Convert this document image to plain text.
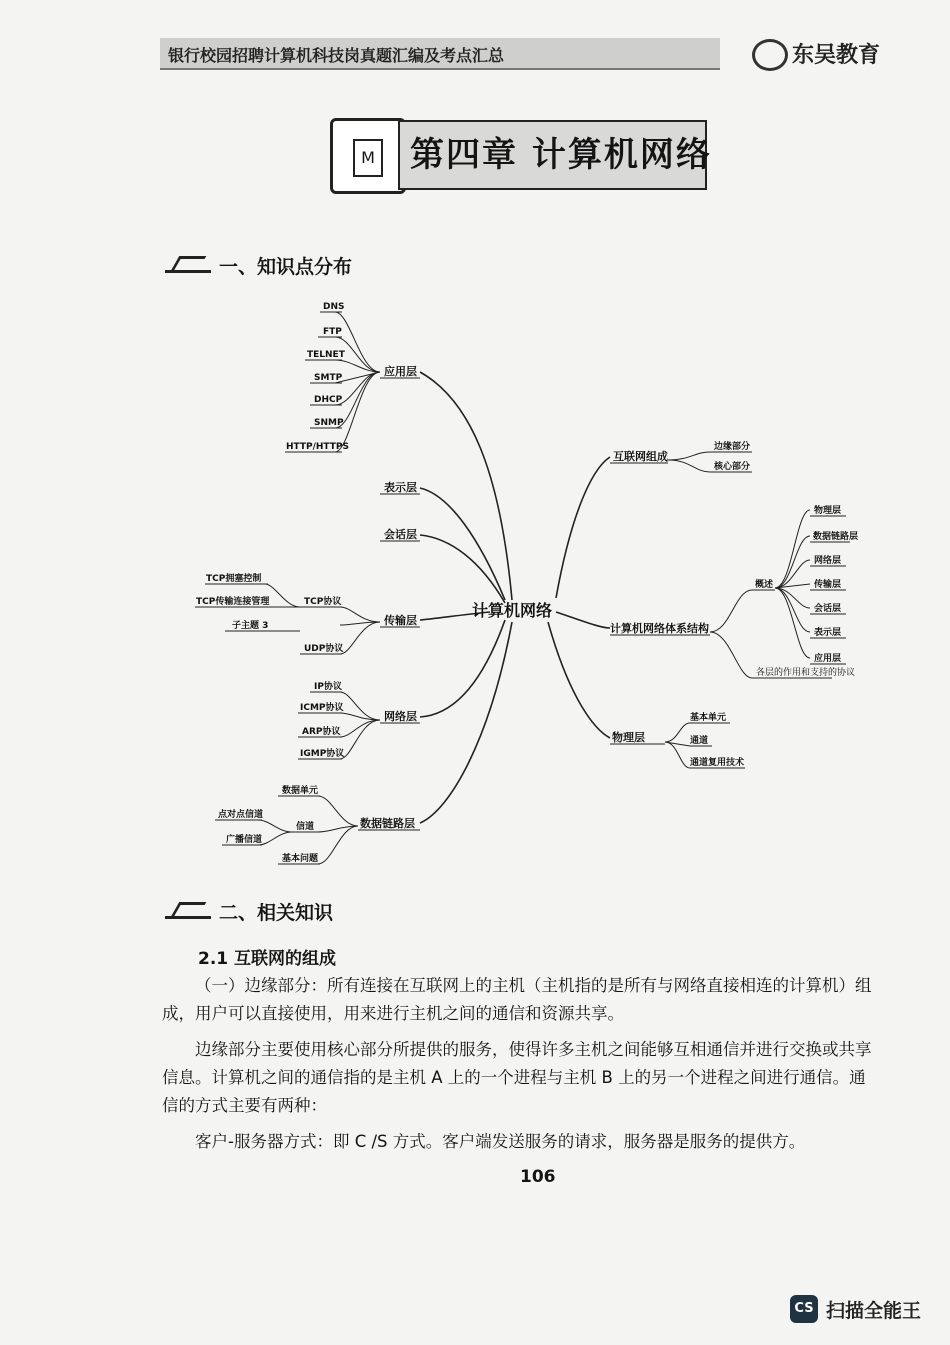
银行校园招聘计算机科技岗真题汇编及考点汇总	东吴教育
M	第四章 计算机网络
一、知识点分布
DNS
FTP
TELNET
SMTP
DHCP
SNMP
HTTP/HTTPS
TCP拥塞控制
TCP传输连接管理	TCP协议
子主题 3
UDP协议
IP协议
ICMP协议
ARP协议
IGMP协议
数据单元
点对点信道
信道
广播信道
基本问题
边缘部分
核心部分
概述
物理层
数据链路层
网络层
传输层
会话层
表示层
应用层
各层的作用和支持的协议
基本单元
通道
通道复用技术
应用层
表示层
会话层
传输层
网络层
数据链路层
互联网组成
计算机网络体系结构
物理层
计算机网络
二、相关知识
2.1 互联网的组成
（一）边缘部分：所有连接在互联网上的主机（主机指的是所有与网络直接相连的计算机）组成，用户可以直接使用，用来进行主机之间的通信和资源共享。
边缘部分主要使用核心部分所提供的服务，使得许多主机之间能够互相通信并进行交换或共享信息。计算机之间的通信指的是主机 A 上的一个进程与主机 B 上的另一个进程之间进行通信。通信的方式主要有两种：
客户-服务器方式：即 C /S 方式。客户端发送服务的请求，服务器是服务的提供方。
106
CS 扫描全能王
